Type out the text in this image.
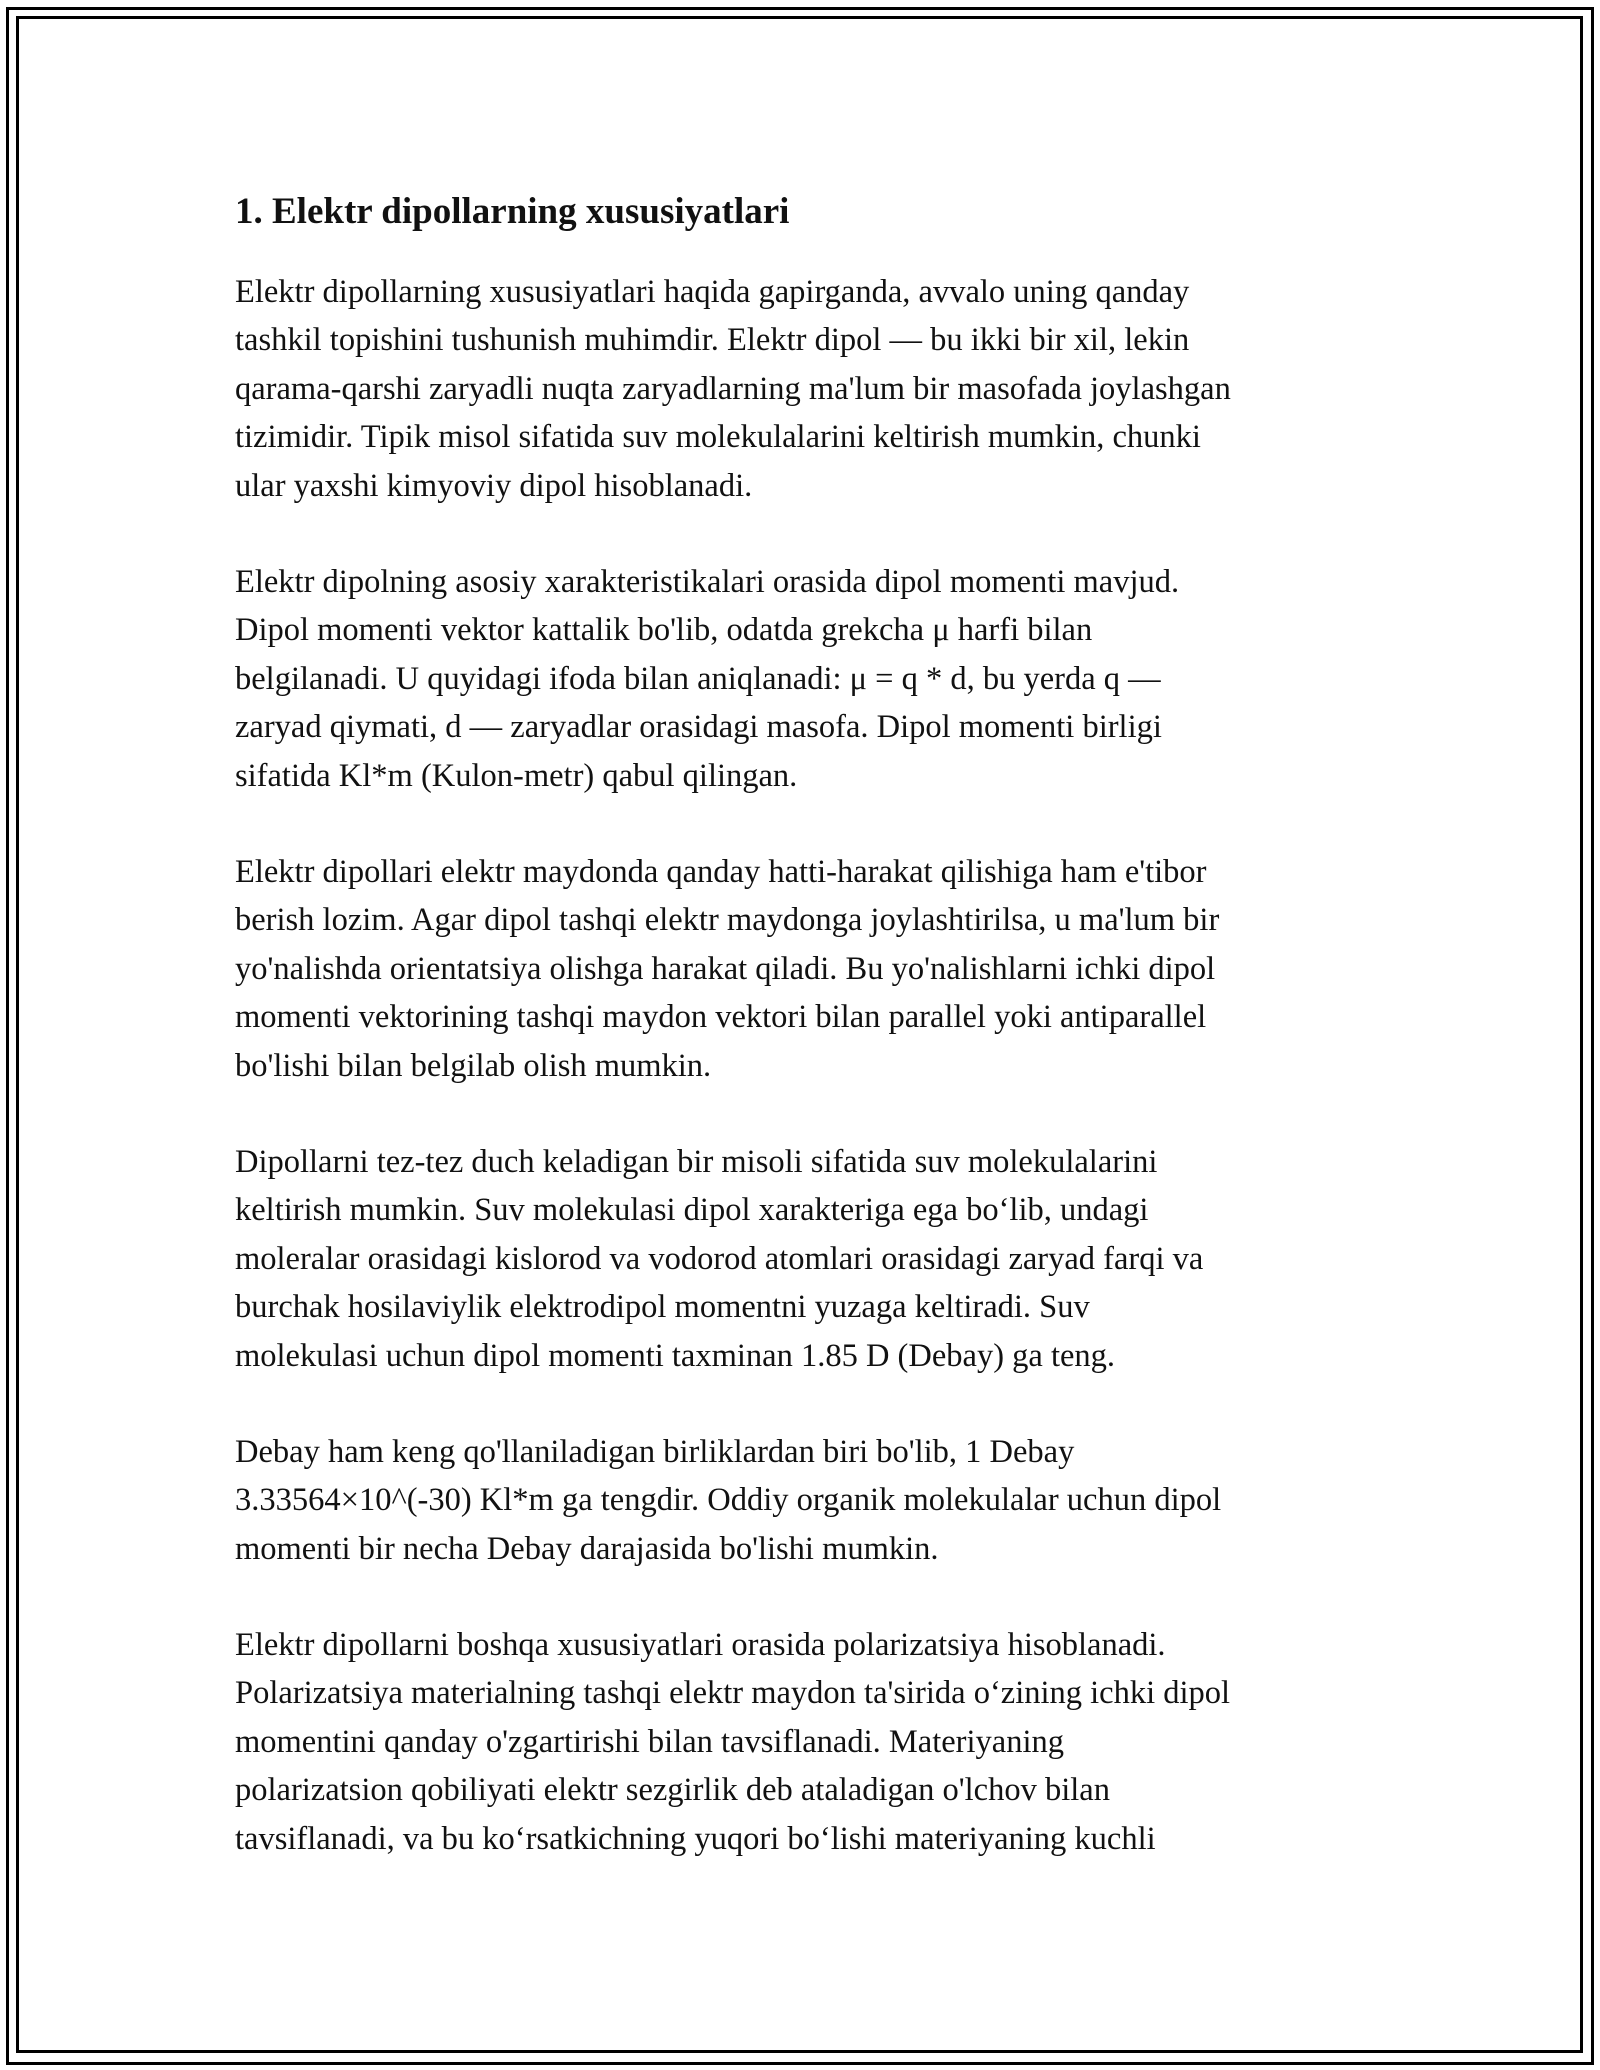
1. Elektr dipollarning xususiyatlari

Elektr dipollarning xususiyatlari haqida gapirganda, avvalo uning qanday
tashkil topishini tushunish muhimdir. Elektr dipol — bu ikki bir xil, lekin
qarama-qarshi zaryadli nuqta zaryadlarning ma'lum bir masofada joylashgan
tizimidir. Tipik misol sifatida suv molekulalarini keltirish mumkin, chunki
ular yaxshi kimyoviy dipol hisoblanadi.

Elektr dipolning asosiy xarakteristikalari orasida dipol momenti mavjud.
Dipol momenti vektor kattalik bo'lib, odatda grekcha μ harfi bilan
belgilanadi. U quyidagi ifoda bilan aniqlanadi: μ = q * d, bu yerda q —
zaryad qiymati, d — zaryadlar orasidagi masofa. Dipol momenti birligi
sifatida Kl*m (Kulon-metr) qabul qilingan.

Elektr dipollari elektr maydonda qanday hatti-harakat qilishiga ham e'tibor
berish lozim. Agar dipol tashqi elektr maydonga joylashtirilsa, u ma'lum bir
yo'nalishda orientatsiya olishga harakat qiladi. Bu yo'nalishlarni ichki dipol
momenti vektorining tashqi maydon vektori bilan parallel yoki antiparallel
bo'lishi bilan belgilab olish mumkin.

Dipollarni tez-tez duch keladigan bir misoli sifatida suv molekulalarini
keltirish mumkin. Suv molekulasi dipol xarakteriga ega boʻlib, undagi
moleralar orasidagi kislorod va vodorod atomlari orasidagi zaryad farqi va
burchak hosilaviylik elektrodipol momentni yuzaga keltiradi. Suv
molekulasi uchun dipol momenti taxminan 1.85 D (Debay) ga teng.

Debay ham keng qo'llaniladigan birliklardan biri bo'lib, 1 Debay
3.33564×10^(-30) Kl*m ga tengdir. Oddiy organik molekulalar uchun dipol
momenti bir necha Debay darajasida bo'lishi mumkin.

Elektr dipollarni boshqa xususiyatlari orasida polarizatsiya hisoblanadi.
Polarizatsiya materialning tashqi elektr maydon ta'sirida oʻzining ichki dipol
momentini qanday o'zgartirishi bilan tavsiflanadi. Materiyaning
polarizatsion qobiliyati elektr sezgirlik deb ataladigan o'lchov bilan
tavsiflanadi, va bu koʻrsatkichning yuqori boʻlishi materiyaning kuchli
